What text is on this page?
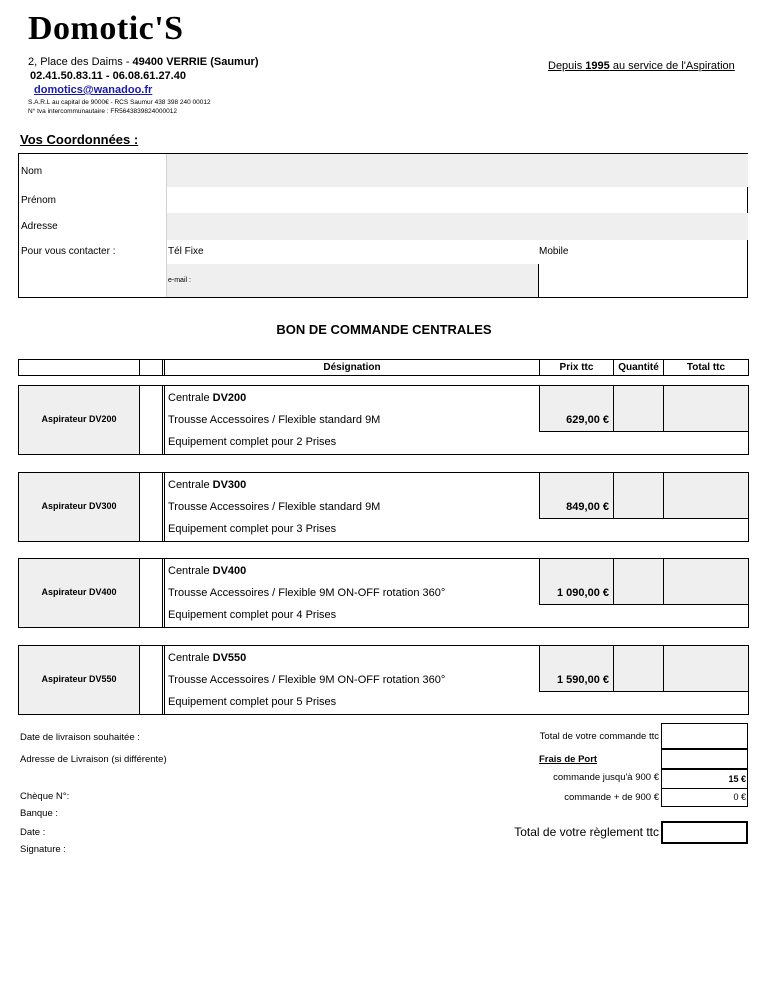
Domotic'S
2, Place des Daims - 49400 VERRIE (Saumur)
02.41.50.83.11 - 06.08.61.27.40
domotics@wanadoo.fr
S.A.R.L au capital de 9000€ - RCS Saumur 438 398 240 00012
N° tva intercommunautaire : FR5643839824000012
Depuis 1995 au service de l'Aspiration
Vos Coordonnées :
Nom
Prénom
Adresse
Pour vous contacter :	Tél Fixe	Mobile
e-mail :
BON DE COMMANDE CENTRALES
Désignation	Prix ttc	Quantité	Total ttc
Aspirateur DV200
Centrale DV200
Trousse Accessoires / Flexible standard 9M
Equipement complet pour 2 Prises
629,00 €
Aspirateur DV300
Centrale DV300
Trousse Accessoires / Flexible standard 9M
Equipement complet pour 3 Prises
849,00 €
Aspirateur DV400
Centrale DV400
Trousse Accessoires / Flexible 9M ON-OFF rotation 360°
Equipement complet pour 4 Prises
1 090,00 €
Aspirateur DV550
Centrale DV550
Trousse Accessoires / Flexible 9M ON-OFF rotation 360°
Equipement complet pour 5 Prises
1 590,00 €
Date de livraison souhaitée :
Adresse de Livraison (si différente)
Chèque N°:
Banque :
Date :
Signature :
Total de votre commande ttc
Frais de Port
commande jusqu'à 900 €	15 €
commande + de 900 €	0 €
Total de votre règlement ttc
